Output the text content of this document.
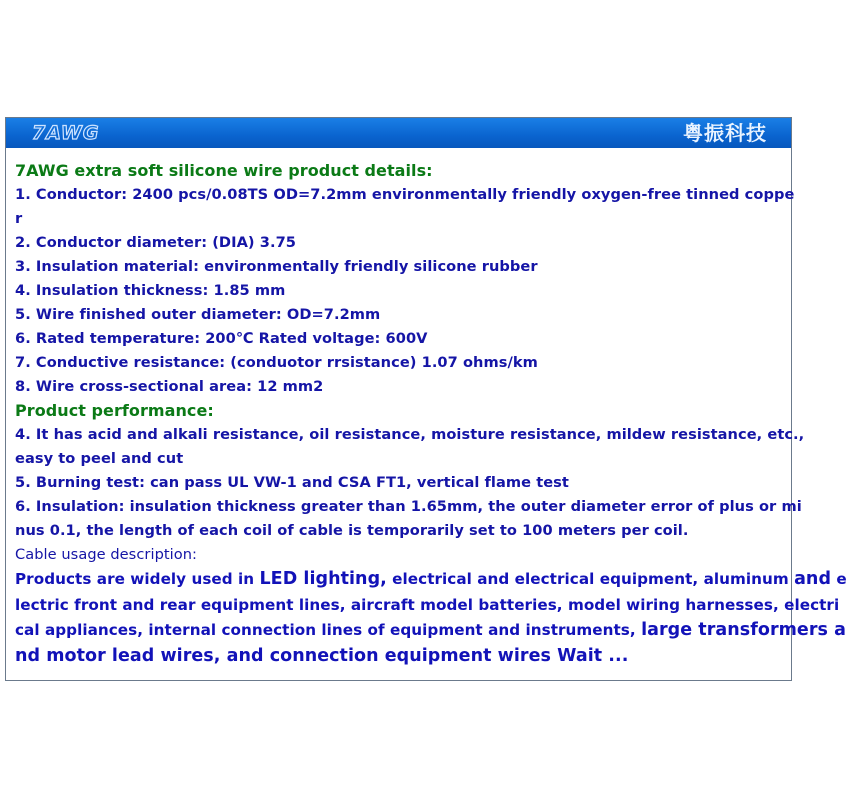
7AWG	粤振科技
7AWG extra soft silicone wire product details:
1. Conductor: 2400 pcs/0.08TS OD=7.2mm environmentally friendly oxygen-free tinned coppe
r
2. Conductor diameter: (DIA) 3.75
3. Insulation material: environmentally friendly silicone rubber
4. Insulation thickness: 1.85 mm
5. Wire finished outer diameter: OD=7.2mm
6. Rated temperature: 200℃ Rated voltage: 600V
7. Conductive resistance: (conduotor rrsistance) 1.07 ohms/km
8. Wire cross-sectional area: 12 mm2
Product performance:
4. It has acid and alkali resistance, oil resistance, moisture resistance, mildew resistance, etc.,
easy to peel and cut
5. Burning test: can pass UL VW-1 and CSA FT1, vertical flame test
6. Insulation: insulation thickness greater than 1.65mm, the outer diameter error of plus or mi
nus 0.1, the length of each coil of cable is temporarily set to 100 meters per coil.
Cable usage description:
Products are widely used in LED lighting, electrical and electrical equipment, aluminum and e
lectric front and rear equipment lines, aircraft model batteries, model wiring harnesses, electri
cal appliances, internal connection lines of equipment and instruments, large transformers a
nd motor lead wires, and connection equipment wires Wait ...
